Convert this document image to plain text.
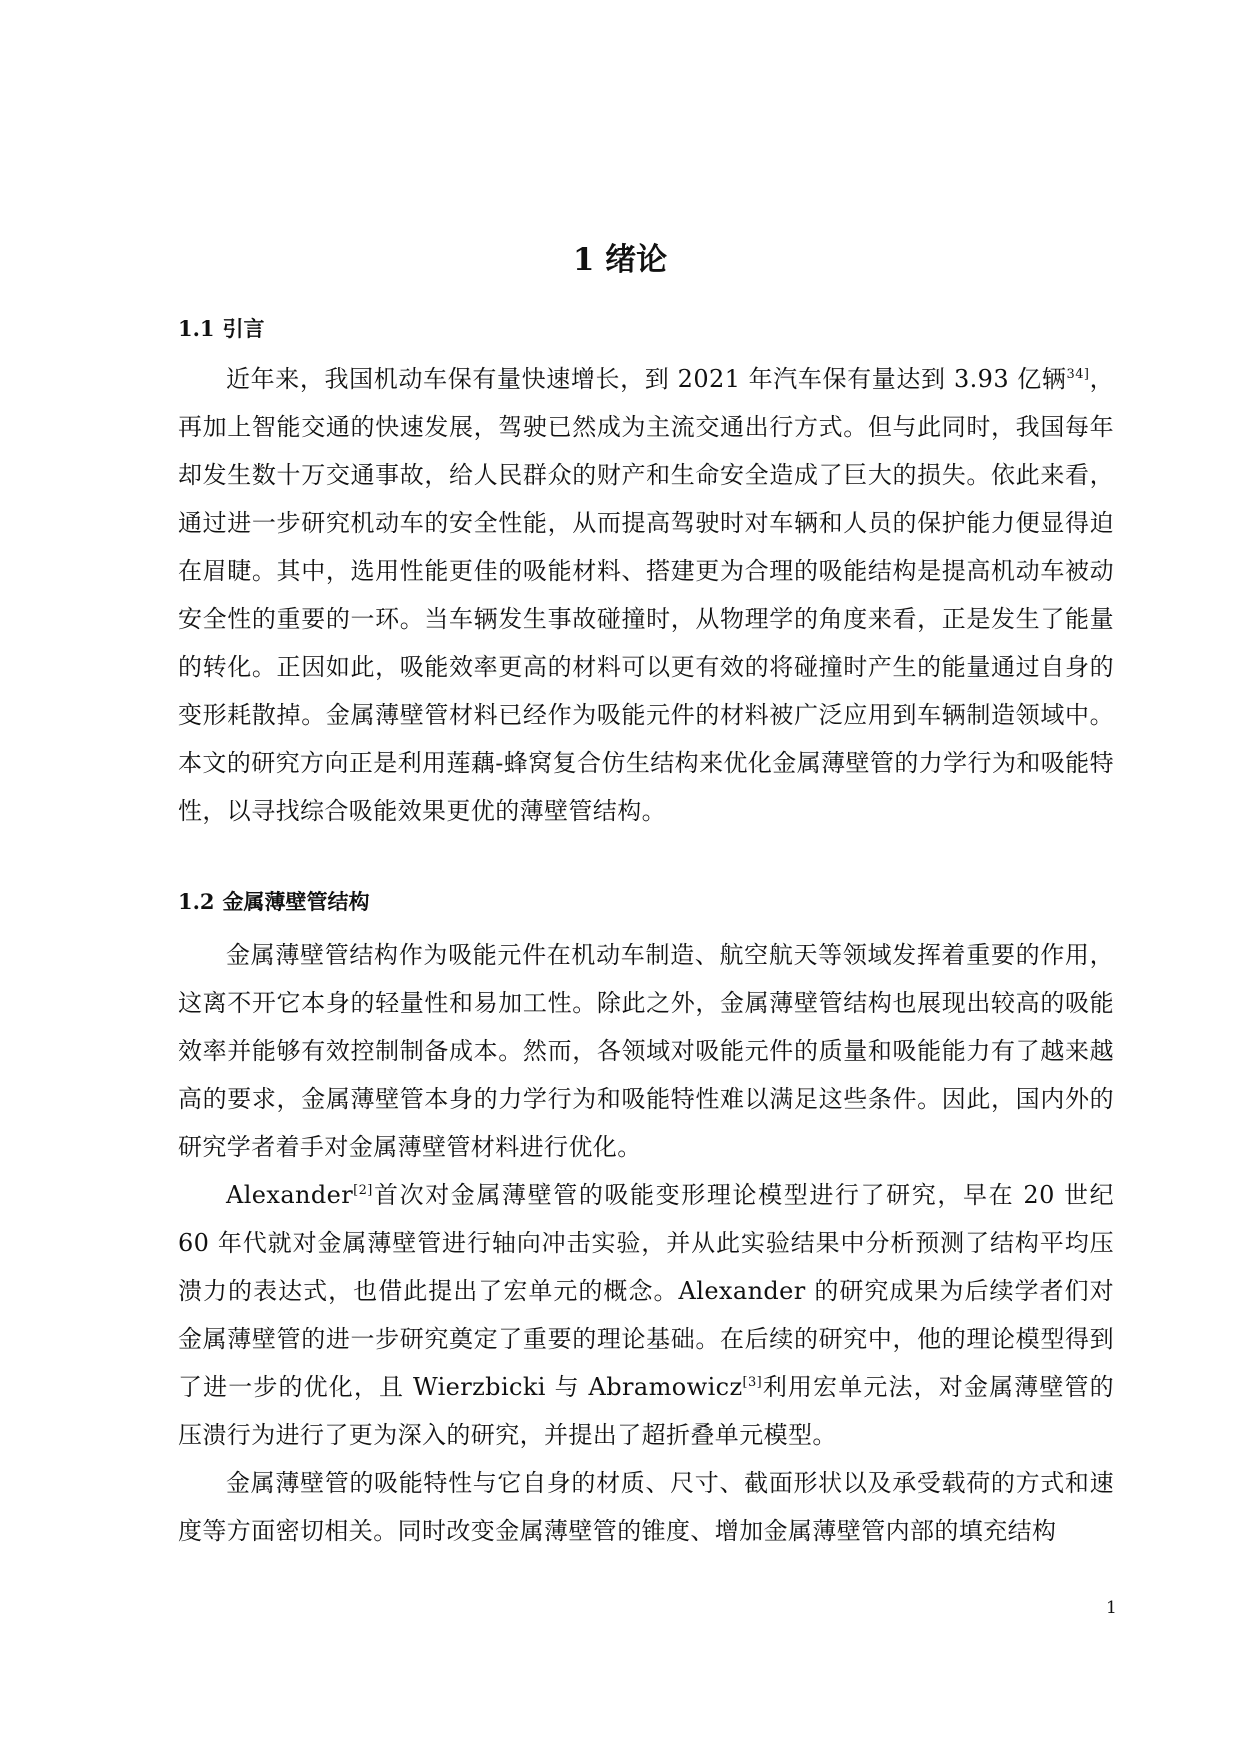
1 绪论
1.1 引言

近年来，我国机动车保有量快速增长，到 2021 年汽车保有量达到 3.93 亿辆$^{34]}$，再加上智能交通的快速发展，驾驶已然成为主流交通出行方式。但与此同时，我国每年却发生数十万交通事故，给人民群众的财产和生命安全造成了巨大的损失。依此来看，通过进一步研究机动车的安全性能，从而提高驾驶时对车辆和人员的保护能力便显得迫在眉睫。其中，选用性能更佳的吸能材料、搭建更为合理的吸能结构是提高机动车被动安全性的重要的一环。当车辆发生事故碰撞时，从物理学的角度来看，正是发生了能量的转化。正因如此，吸能效率更高的材料可以更有效的将碰撞时产生的能量通过自身的变形耗散掉。金属薄壁管材料已经作为吸能元件的材料被广泛应用到车辆制造领域中。本文的研究方向正是利用莲藕-蜂窝复合仿生结构来优化金属薄壁管的力学行为和吸能特性，以寻找综合吸能效果更优的薄壁管结构。

1.2 金属薄壁管结构

金属薄壁管结构作为吸能元件在机动车制造、航空航天等领域发挥着重要的作用，这离不开它本身的轻量性和易加工性。除此之外，金属薄壁管结构也展现出较高的吸能效率并能够有效控制制备成本。然而，各领域对吸能元件的质量和吸能能力有了越来越高的要求，金属薄壁管本身的力学行为和吸能特性难以满足这些条件。因此，国内外的研究学者着手对金属薄壁管材料进行优化。

Alexander[2]首次对金属薄壁管的吸能变形理论模型进行了研究，早在 20 世纪 60 年代就对金属薄壁管进行轴向冲击实验，并从此实验结果中分析预测了结构平均压溃力的表达式，也借此提出了宏单元的概念。Alexander 的研究成果为后续学者们对金属薄壁管的进一步研究奠定了重要的理论基础。在后续的研究中，他的理论模型得到了进一步的优化，且 Wierzbicki 与 Abramowicz[3]利用宏单元法，对金属薄壁管的压溃行为进行了更为深入的研究，并提出了超折叠单元模型。

金属薄壁管的吸能特性与它自身的材质、尺寸、截面形状以及承受载荷的方式和速度等方面密切相关。同时改变金属薄壁管的锥度、增加金属薄壁管内部的填充结构

1
